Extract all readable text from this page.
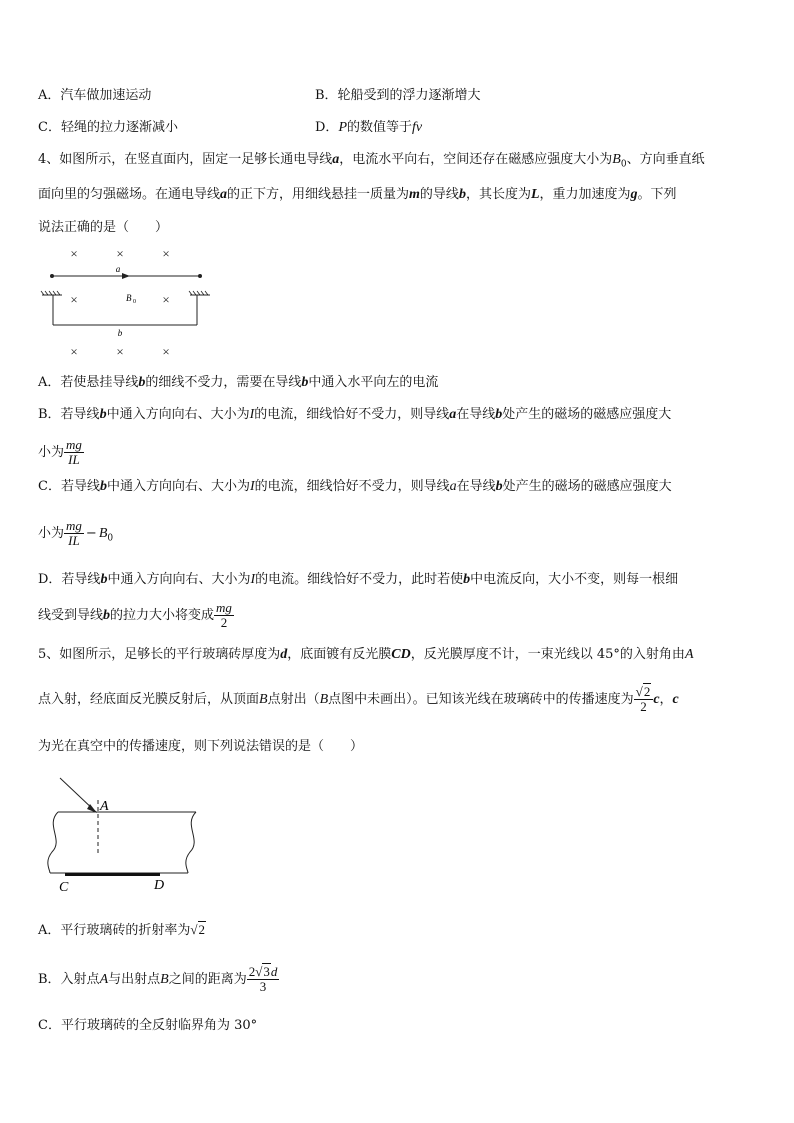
A．汽车做加速运动	B．轮船受到的浮力逐渐增大
C．轻绳的拉力逐渐减小	D．P的数值等于fv
4、如图所示，在竖直面内，固定一足够长通电导线a，电流水平向右，空间还存在磁感应强度大小为$B_0$、方向垂直纸
面向里的匀强磁场。在通电导线a的正下方，用细线悬挂一质量为m的导线b，其长度为L，重力加速度为g。下列
说法正确的是（　　）
×	×	×
×	×
×	×	×
a
b
B 0
A．若使悬挂导线b的细线不受力，需要在导线b中通入水平向左的电流
B．若导线b中通入方向向右、大小为I的电流，细线恰好不受力，则导线a在导线b处产生的磁场的磁感应强度大
小为 $\frac{mg}{IL}$
C．若导线b中通入方向向右、大小为I的电流，细线恰好不受力，则导线a在导线b处产生的磁场的磁感应强度大
小为 $\frac{mg}{IL} - B_0$
D．若导线b中通入方向向右、大小为I的电流。细线恰好不受力，此时若使b中电流反向，大小不变，则每一根细
线受到导线b的拉力大小将变成 $\frac{mg}{2}$
5、如图所示，足够长的平行玻璃砖厚度为d，底面镀有反光膜CD，反光膜厚度不计，一束光线以 45°的入射角由A
点入射，经底面反光膜反射后，从顶面B点射出（B点图中未画出）。已知该光线在玻璃砖中的传播速度为 $\frac{√2}{2}$ c，c
为光在真空中的传播速度，则下列说法错误的是（　　）
A
C	D
A．平行玻璃砖的折射率为√2
B．入射点A与出射点B之间的距离为 $\frac{2√3d}{3}$
C．平行玻璃砖的全反射临界角为 30°
